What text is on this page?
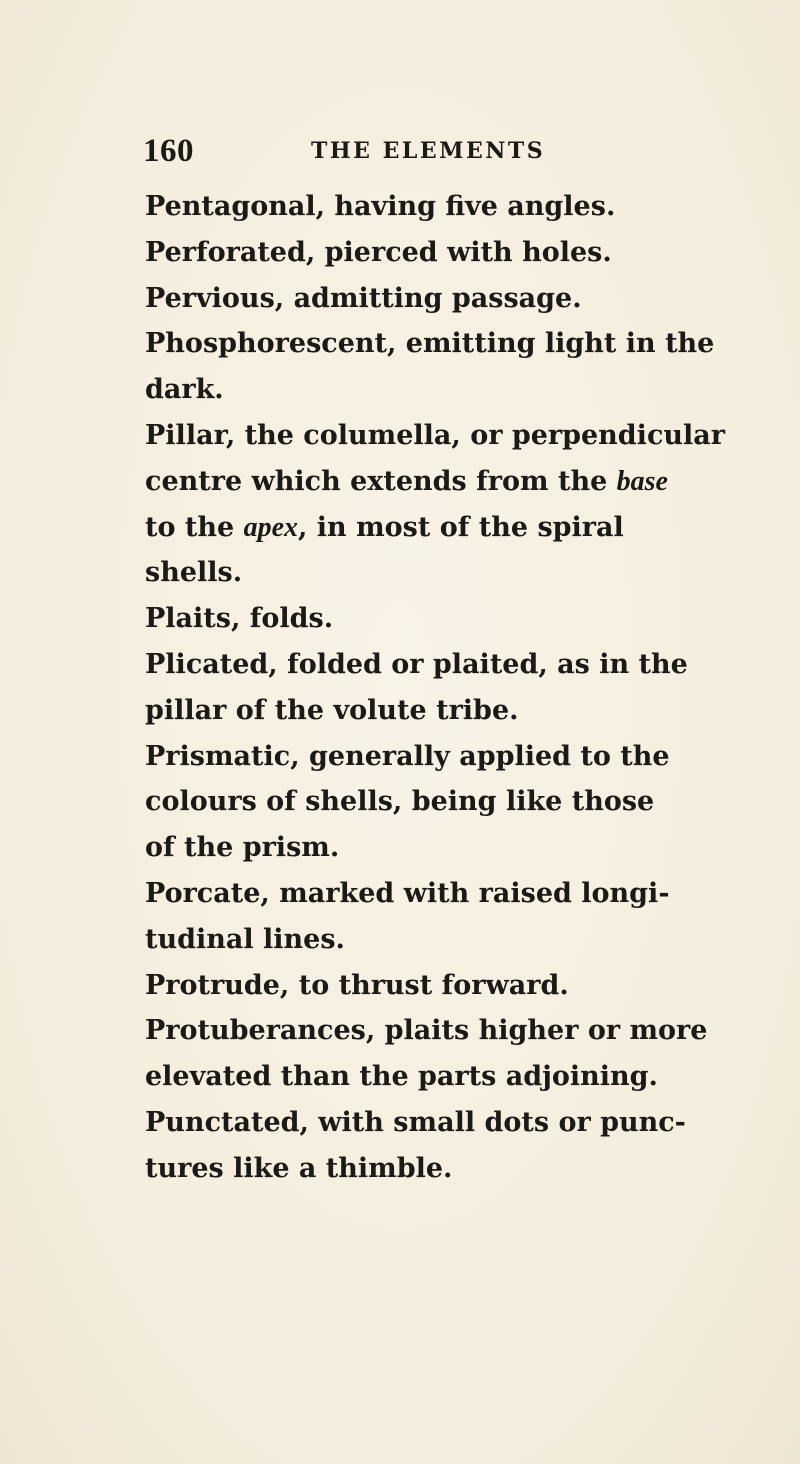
160	THE ELEMENTS

Pentagonal, having five angles.

Perforated, pierced with holes.

Pervious, admitting passage.

Phosphorescent, emitting light in the
dark.

Pillar, the columella, or perpendicular
centre which extends from the base
to the apex, in most of the spiral
shells.

Plaits, folds.

Plicated, folded or plaited, as in the
pillar of the volute tribe.

Prismatic, generally applied to the
colours of shells, being like those
of the prism.

Porcate, marked with raised longi-
tudinal lines.

Protrude, to thrust forward.

Protuberances, plaits higher or more
elevated than the parts adjoining.

Punctated, with small dots or punc-
tures like a thimble.
